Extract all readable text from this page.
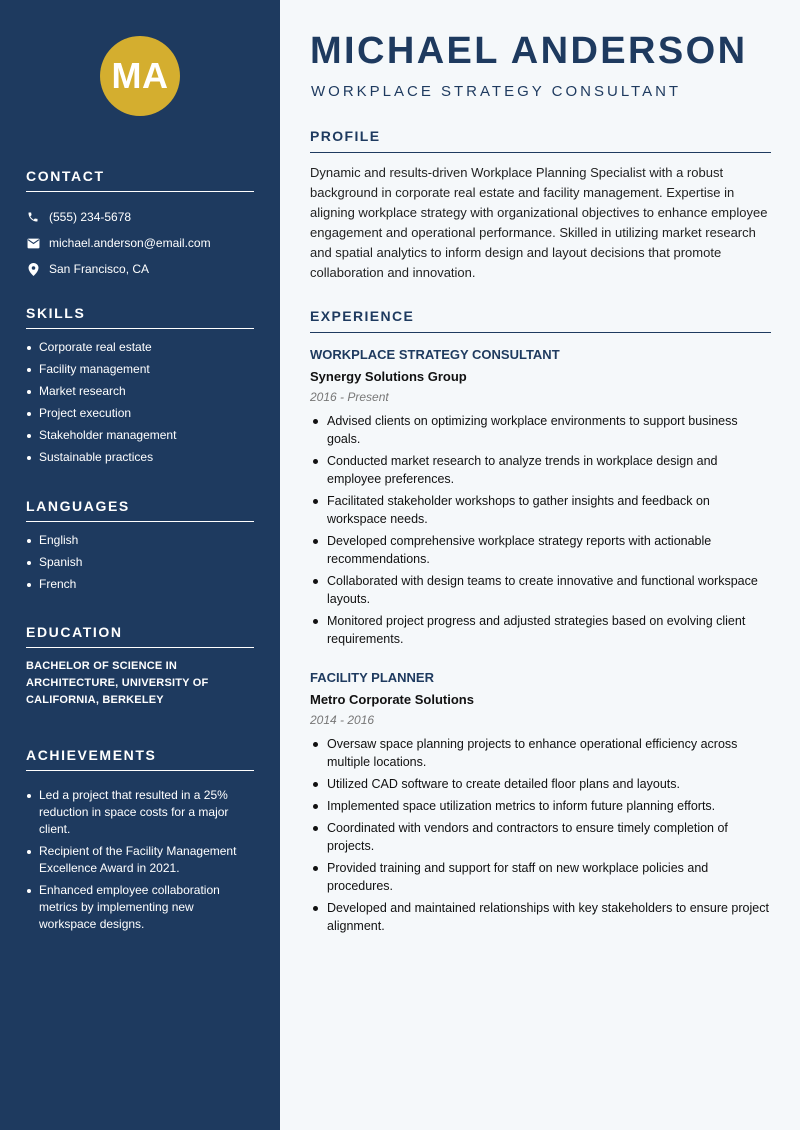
MA
CONTACT
(555) 234-5678
michael.anderson@email.com
San Francisco, CA
SKILLS
Corporate real estate
Facility management
Market research
Project execution
Stakeholder management
Sustainable practices
LANGUAGES
English
Spanish
French
EDUCATION
BACHELOR OF SCIENCE IN ARCHITECTURE, UNIVERSITY OF CALIFORNIA, BERKELEY
ACHIEVEMENTS
Led a project that resulted in a 25% reduction in space costs for a major client.
Recipient of the Facility Management Excellence Award in 2021.
Enhanced employee collaboration metrics by implementing new workspace designs.
MICHAEL ANDERSON
WORKPLACE STRATEGY CONSULTANT
PROFILE

Dynamic and results-driven Workplace Planning Specialist with a robust background in corporate real estate and facility management. Expertise in aligning workplace strategy with organizational objectives to enhance employee engagement and operational performance. Skilled in utilizing market research and spatial analytics to inform design and layout decisions that promote collaboration and innovation.

EXPERIENCE
WORKPLACE STRATEGY CONSULTANT
Synergy Solutions Group
2016 - Present
Advised clients on optimizing workplace environments to support business goals.
Conducted market research to analyze trends in workplace design and employee preferences.
Facilitated stakeholder workshops to gather insights and feedback on workspace needs.
Developed comprehensive workplace strategy reports with actionable recommendations.
Collaborated with design teams to create innovative and functional workspace layouts.
Monitored project progress and adjusted strategies based on evolving client requirements.
FACILITY PLANNER
Metro Corporate Solutions
2014 - 2016
Oversaw space planning projects to enhance operational efficiency across multiple locations.
Utilized CAD software to create detailed floor plans and layouts.
Implemented space utilization metrics to inform future planning efforts.
Coordinated with vendors and contractors to ensure timely completion of projects.
Provided training and support for staff on new workplace policies and procedures.
Developed and maintained relationships with key stakeholders to ensure project alignment.
